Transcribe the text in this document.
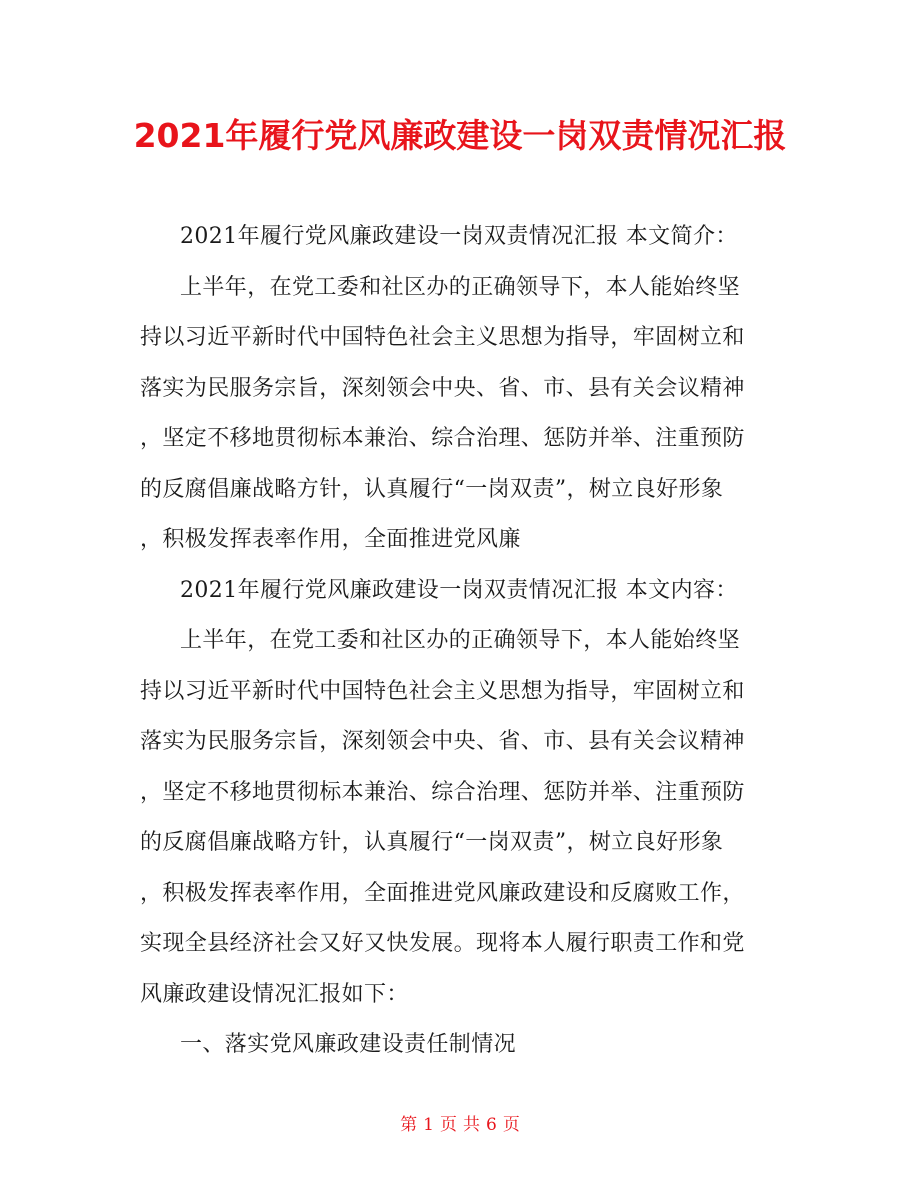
2021年履行党风廉政建设一岗双责情况汇报
2021年履行党风廉政建设一岗双责情况汇报 本文简介：
上半年，在党工委和社区办的正确领导下，本人能始终坚
持以习近平新时代中国特色社会主义思想为指导，牢固树立和
落实为民服务宗旨，深刻领会中央、省、市、县有关会议精神
，坚定不移地贯彻标本兼治、综合治理、惩防并举、注重预防
的反腐倡廉战略方针，认真履行“一岗双责”，树立良好形象
，积极发挥表率作用，全面推进党风廉
2021年履行党风廉政建设一岗双责情况汇报 本文内容：
上半年，在党工委和社区办的正确领导下，本人能始终坚
持以习近平新时代中国特色社会主义思想为指导，牢固树立和
落实为民服务宗旨，深刻领会中央、省、市、县有关会议精神
，坚定不移地贯彻标本兼治、综合治理、惩防并举、注重预防
的反腐倡廉战略方针，认真履行“一岗双责”，树立良好形象
，积极发挥表率作用，全面推进党风廉政建设和反腐败工作，
实现全县经济社会又好又快发展。现将本人履行职责工作和党
风廉政建设情况汇报如下：
一、落实党风廉政建设责任制情况
第 1 页 共 6 页
